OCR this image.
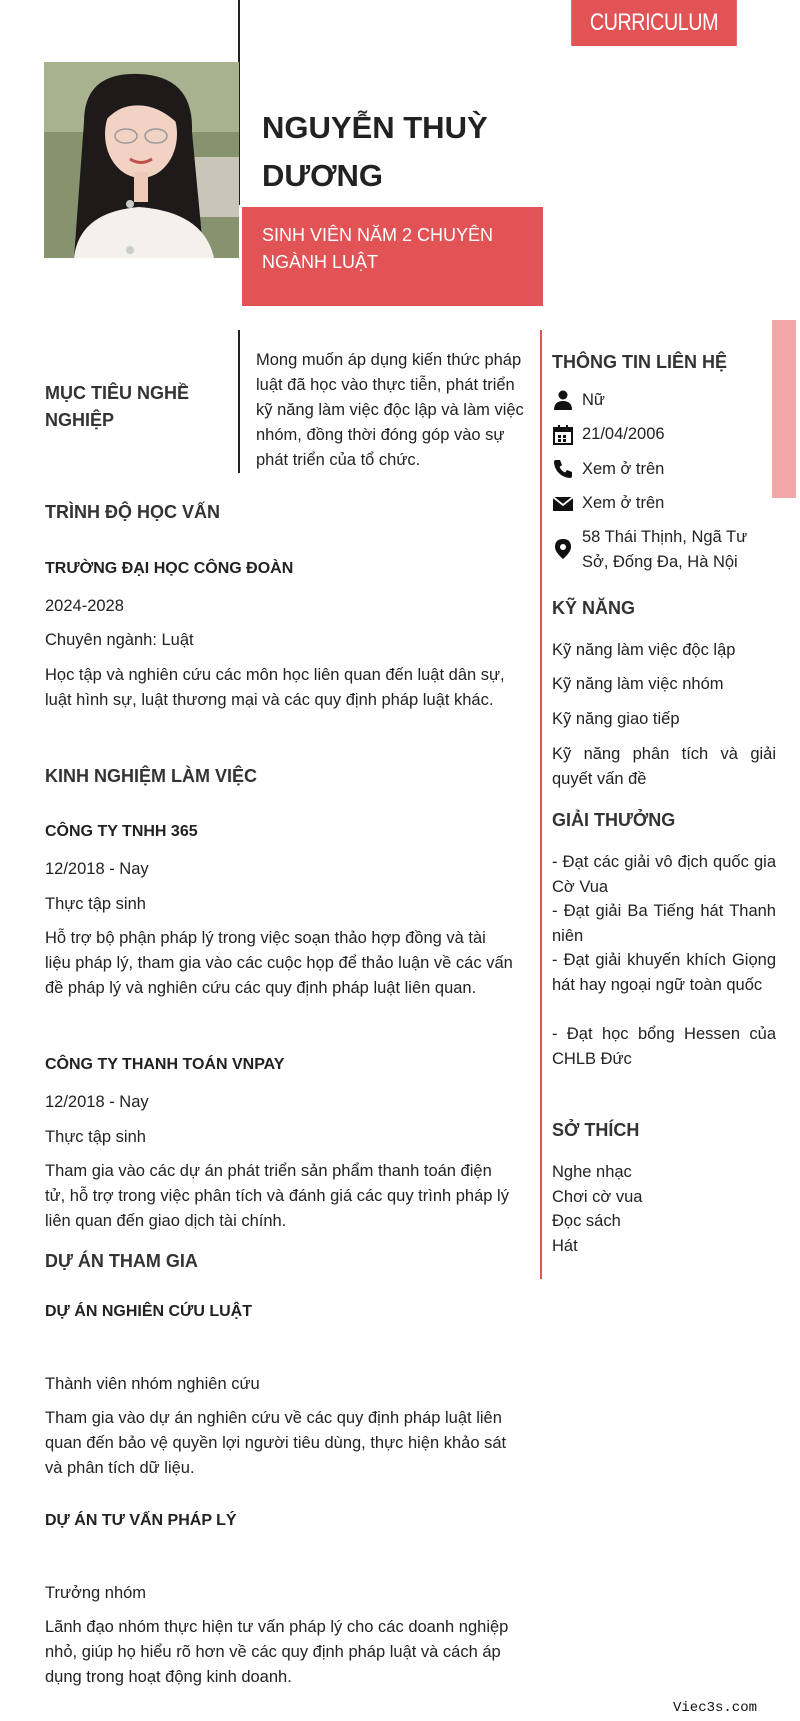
CURRICULUM VITAE
NGUYỄN THUỲ
DƯƠNG
SINH VIÊN NĂM 2 CHUYÊN NGÀNH LUẬT
MỤC TIÊU NGHỀ NGHIỆP
Mong muốn áp dụng kiến thức pháp luật đã học vào thực tiễn, phát triển kỹ năng làm việc độc lập và làm việc nhóm, đồng thời đóng góp vào sự phát triển của tổ chức.
TRÌNH ĐỘ HỌC VẤN
TRƯỜNG ĐẠI HỌC CÔNG ĐOÀN
2024-2028
Chuyên ngành: Luật
Học tập và nghiên cứu các môn học liên quan đến luật dân sự, luật hình sự, luật thương mại và các quy định pháp luật khác.
KINH NGHIỆM LÀM VIỆC
CÔNG TY TNHH 365
12/2018 - Nay
Thực tập sinh
Hỗ trợ bộ phận pháp lý trong việc soạn thảo hợp đồng và tài liệu pháp lý, tham gia vào các cuộc họp để thảo luận về các vấn đề pháp lý và nghiên cứu các quy định pháp luật liên quan.
CÔNG TY THANH TOÁN VNPAY
12/2018 - Nay
Thực tập sinh
Tham gia vào các dự án phát triển sản phẩm thanh toán điện tử, hỗ trợ trong việc phân tích và đánh giá các quy trình pháp lý liên quan đến giao dịch tài chính.
DỰ ÁN THAM GIA
DỰ ÁN NGHIÊN CỨU LUẬT
Thành viên nhóm nghiên cứu
Tham gia vào dự án nghiên cứu về các quy định pháp luật liên quan đến bảo vệ quyền lợi người tiêu dùng, thực hiện khảo sát và phân tích dữ liệu.
DỰ ÁN TƯ VẤN PHÁP LÝ
Trưởng nhóm
Lãnh đạo nhóm thực hiện tư vấn pháp lý cho các doanh nghiệp nhỏ, giúp họ hiểu rõ hơn về các quy định pháp luật và cách áp dụng trong hoạt động kinh doanh.
THÔNG TIN LIÊN HỆ
Nữ
21/04/2006
Xem ở trên
Xem ở trên
58 Thái Thịnh, Ngã Tư Sở, Đống Đa, Hà Nội
KỸ NĂNG
Kỹ năng làm việc độc lập
Kỹ năng làm việc nhóm
Kỹ năng giao tiếp
Kỹ năng phân tích và giải quyết vấn đề
GIẢI THƯỞNG
- Đạt các giải vô địch quốc gia Cờ Vua
- Đạt giải Ba Tiếng hát Thanh niên
- Đạt giải khuyến khích Giọng hát hay ngoại ngữ toàn quốc
- Đạt học bổng Hessen của CHLB Đức
SỞ THÍCH
Nghe nhạc
Chơi cờ vua
Đọc sách
Hát
Viec3s.com
